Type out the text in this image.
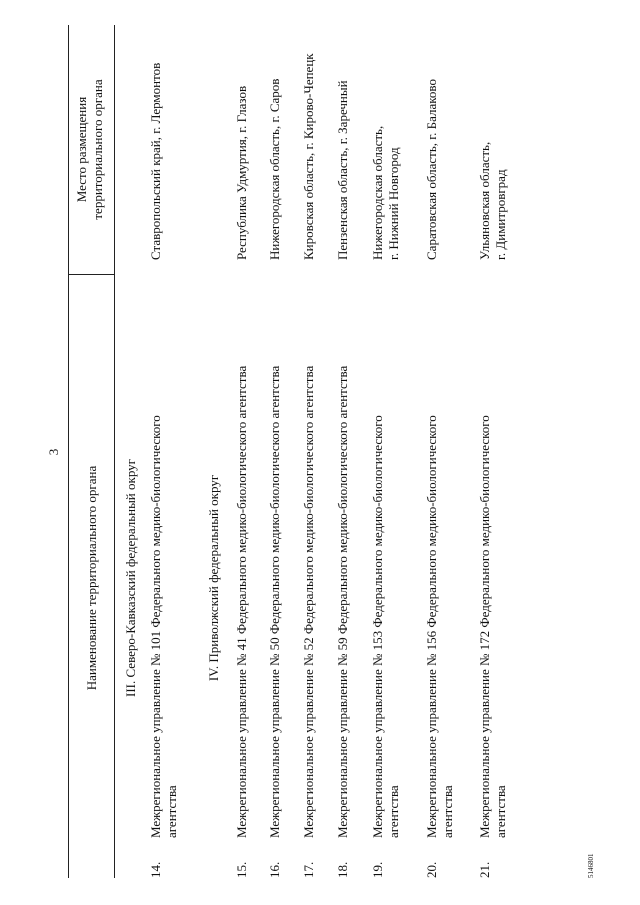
3
Наименование территориального органа
Место размещения территориального органа
III. Северо-Кавказский федеральный округ
14.
Межрегиональное управление № 101 Федерального медико-биологического агентства
Ставропольский край, г. Лермонтов
IV. Приволжский федеральный округ
15.
Межрегиональное управление № 41 Федерального медико-биологического агентства
Республика Удмуртия, г. Глазов
16.
Межрегиональное управление № 50 Федерального медико-биологического агентства
Нижегородская область, г. Саров
17.
Межрегиональное управление № 52 Федерального медико-биологического агентства
Кировская область, г. Кирово-Чепецк
18.
Межрегиональное управление № 59 Федерального медико-биологического агентства
Пензенская область, г. Заречный
19.
Межрегиональное управление № 153 Федерального медико-биологического агентства
Нижегородская область, г. Нижний Новгород
20.
Межрегиональное управление № 156 Федерального медико-биологического агентства
Саратовская область, г. Балаково
21.
Межрегиональное управление № 172 Федерального медико-биологического агентства
Ульяновская область, г. Димитровград
5146801
